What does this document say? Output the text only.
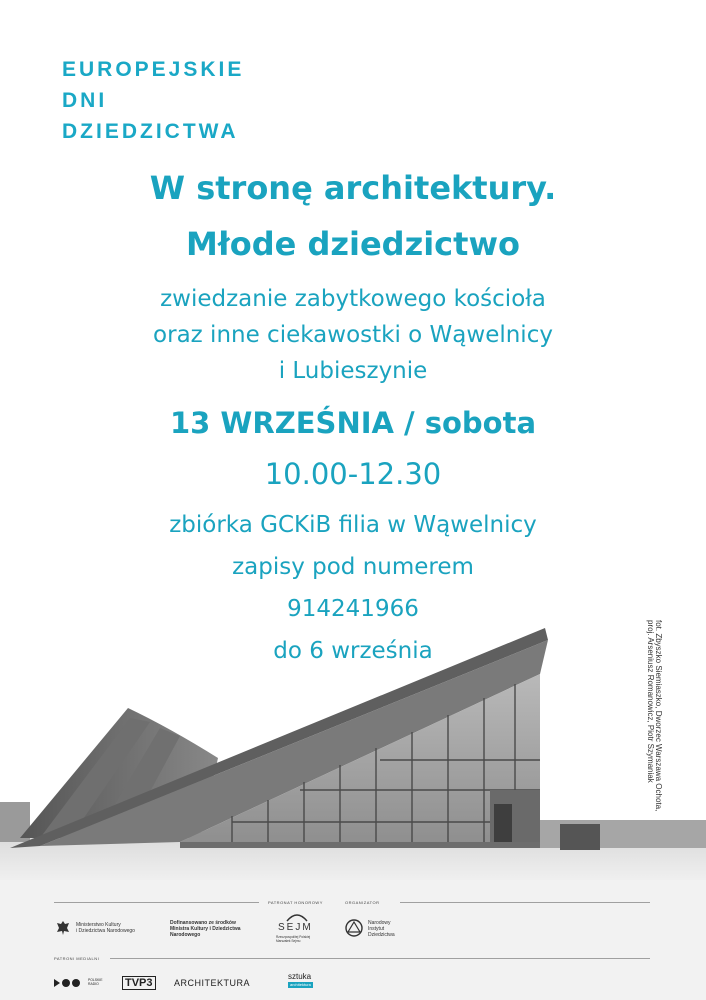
EUROPEJSKIE
DNI
DZIEDZICTWA
W stronę architektury.
Młode dziedzictwo
zwiedzanie zabytkowego kościoła
oraz inne ciekawostki o Wąwelnicy
i Lubieszynie
13 WRZEŚNIA / sobota
10.00-12.30
zbiórka GCKiB filia w Wąwelnicy
zapisy pod numerem
914241966
do 6 września	fot. Zbyszko Siemiaszko, Dworzec Warszawa Ochota,
proj. Arseniusz Romanowicz, Piotr Szymaniak
PATRONAT HONOROWY	ORGANIZATOR
Ministerstwo Kultury
i Dziedzictwa Narodowego
Dofinansowano ze środków
Ministra Kultury i Dziedzictwa
Narodowego
SEJM
Rzeczpospolitej Polskiej
Marszałek Sejmu
Narodowy
Instytut
Dziedzictwa
PATRONI MEDIALNI
POLSKIE RADIO	TVP3	ARCHITEKTURA
sztuka
architektura
